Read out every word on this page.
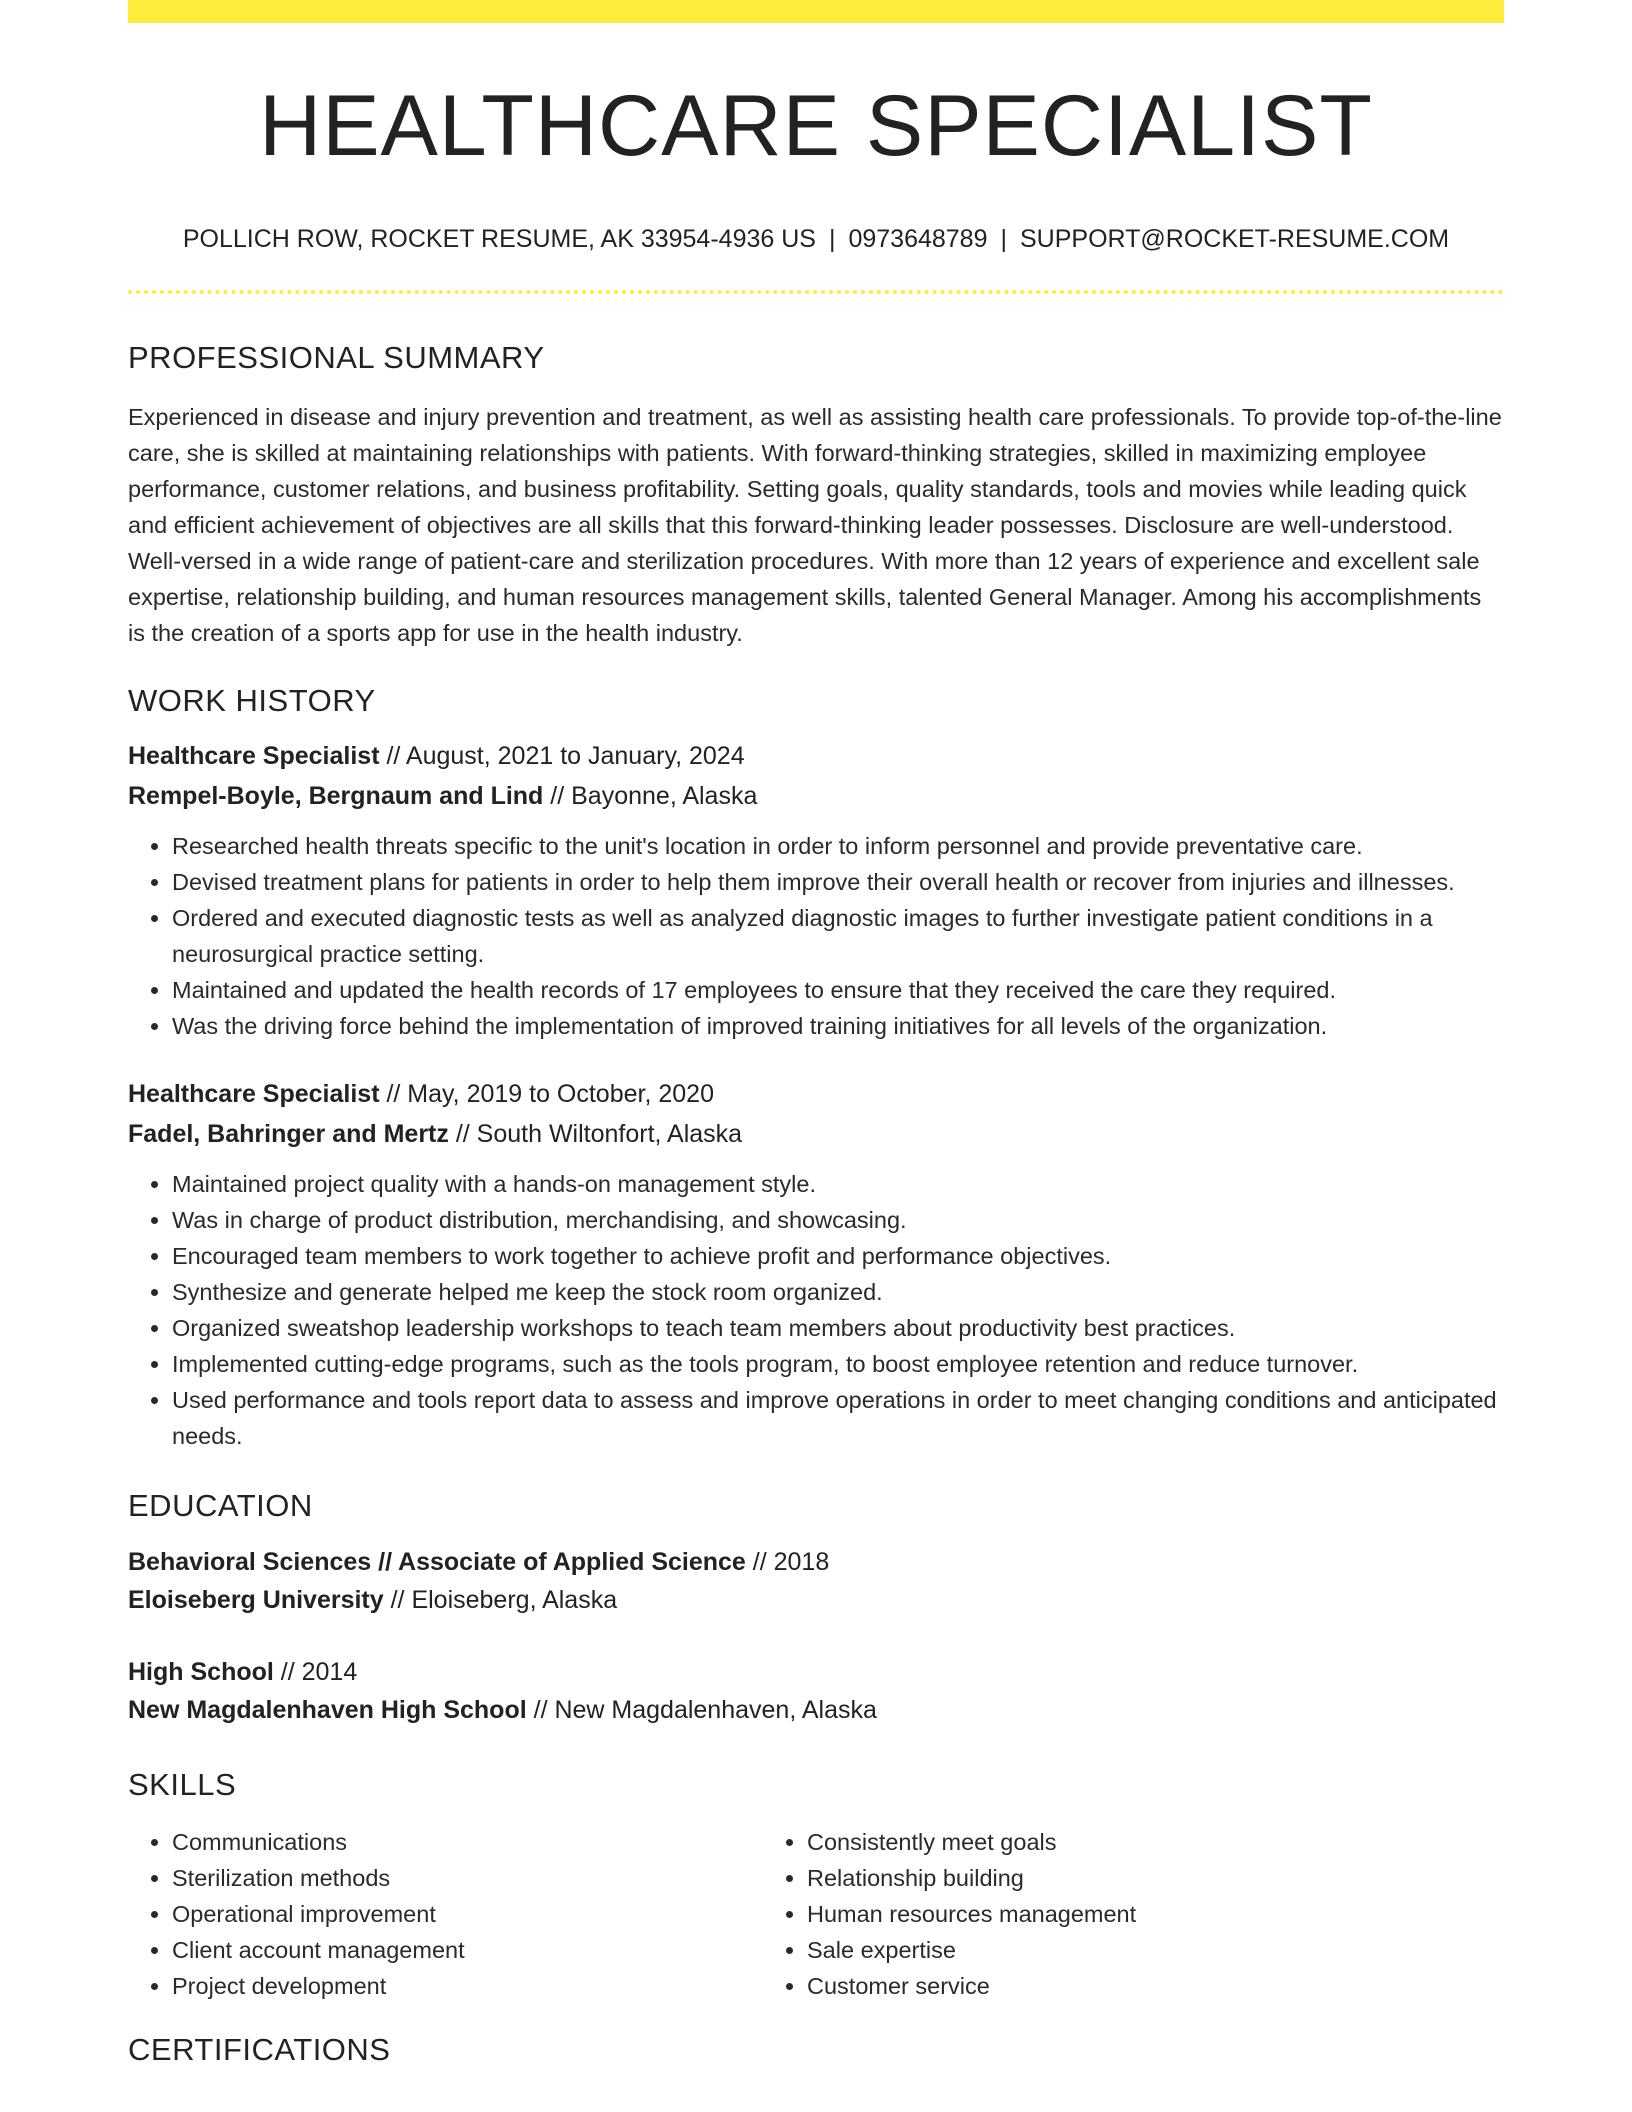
HEALTHCARE SPECIALIST
POLLICH ROW, ROCKET RESUME, AK 33954-4936 US | 0973648789 | SUPPORT@ROCKET-RESUME.COM
PROFESSIONAL SUMMARY

Experienced in disease and injury prevention and treatment, as well as assisting health care professionals. To provide top-of-the-line care, she is skilled at maintaining relationships with patients. With forward-thinking strategies, skilled in maximizing employee performance, customer relations, and business profitability. Setting goals, quality standards, tools and movies while leading quick and efficient achievement of objectives are all skills that this forward-thinking leader possesses. Disclosure are well-understood. Well-versed in a wide range of patient-care and sterilization procedures. With more than 12 years of experience and excellent sale expertise, relationship building, and human resources management skills, talented General Manager. Among his accomplishments is the creation of a sports app for use in the health industry.

WORK HISTORY
Healthcare Specialist // August, 2021 to January, 2024
Rempel-Boyle, Bergnaum and Lind // Bayonne, Alaska
• Researched health threats specific to the unit's location in order to inform personnel and provide preventative care.
• Devised treatment plans for patients in order to help them improve their overall health or recover from injuries and illnesses.
• Ordered and executed diagnostic tests as well as analyzed diagnostic images to further investigate patient conditions in a neurosurgical practice setting.
• Maintained and updated the health records of 17 employees to ensure that they received the care they required.
• Was the driving force behind the implementation of improved training initiatives for all levels of the organization.
Healthcare Specialist // May, 2019 to October, 2020
Fadel, Bahringer and Mertz // South Wiltonfort, Alaska
• Maintained project quality with a hands-on management style.
• Was in charge of product distribution, merchandising, and showcasing.
• Encouraged team members to work together to achieve profit and performance objectives.
• Synthesize and generate helped me keep the stock room organized.
• Organized sweatshop leadership workshops to teach team members about productivity best practices.
• Implemented cutting-edge programs, such as the tools program, to boost employee retention and reduce turnover.
• Used performance and tools report data to assess and improve operations in order to meet changing conditions and anticipated needs.
EDUCATION
Behavioral Sciences // Associate of Applied Science // 2018
Eloiseberg University // Eloiseberg, Alaska
High School // 2014
New Magdalenhaven High School // New Magdalenhaven, Alaska
SKILLS
• Communications
• Sterilization methods
• Operational improvement
• Client account management
• Project development
• Consistently meet goals
• Relationship building
• Human resources management
• Sale expertise
• Customer service
CERTIFICATIONS
